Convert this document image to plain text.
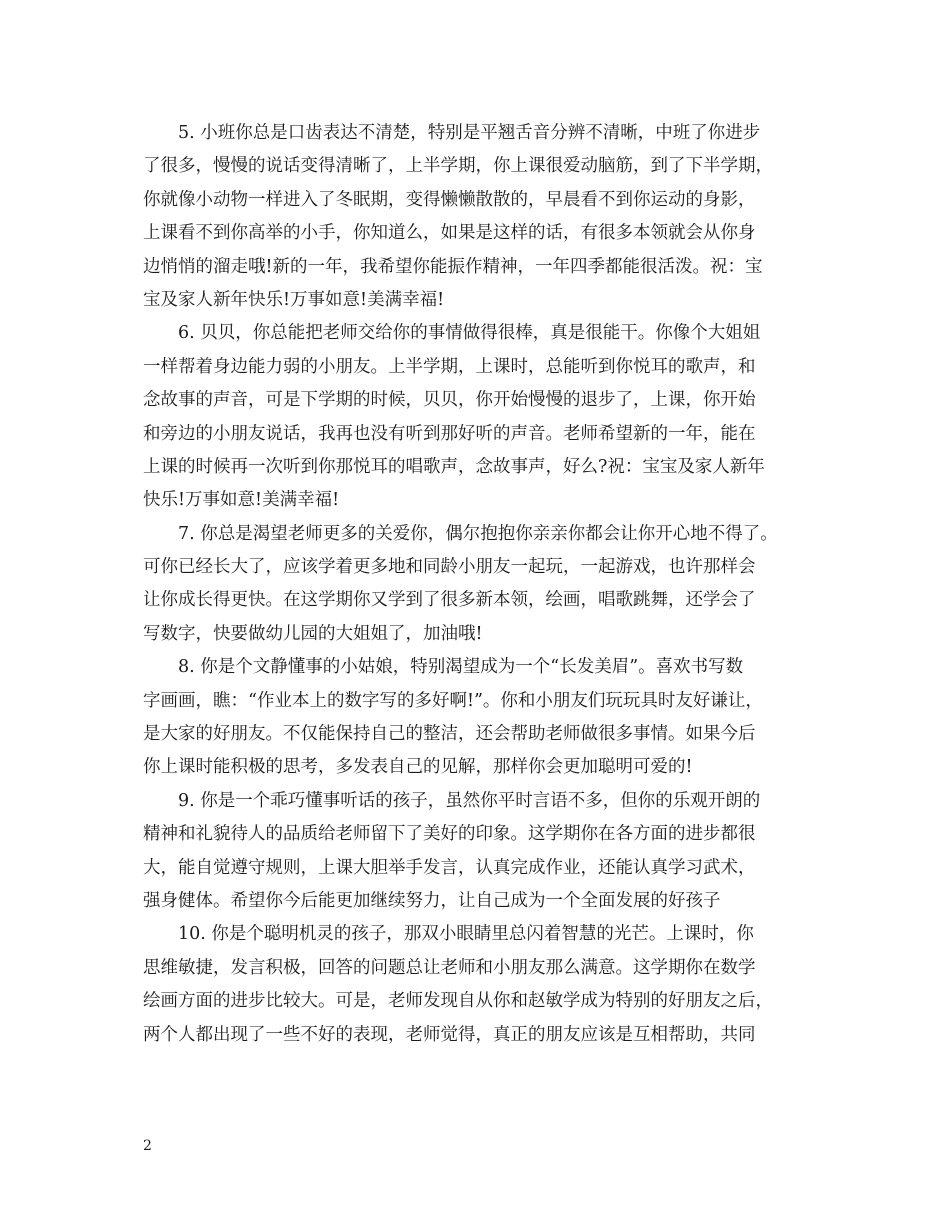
5. 小班你总是口齿表达不清楚，特别是平翘舌音分辨不清晰，中班了你进步
了很多，慢慢的说话变得清晰了，上半学期，你上课很爱动脑筋，到了下半学期，
你就像小动物一样进入了冬眠期，变得懒懒散散的，早晨看不到你运动的身影，
上课看不到你高举的小手，你知道么，如果是这样的话，有很多本领就会从你身
边悄悄的溜走哦!新的一年，我希望你能振作精神，一年四季都能很活泼。祝：宝
宝及家人新年快乐!万事如意!美满幸福!
6. 贝贝，你总能把老师交给你的事情做得很棒，真是很能干。你像个大姐姐
一样帮着身边能力弱的小朋友。上半学期，上课时，总能听到你悦耳的歌声，和
念故事的声音，可是下学期的时候，贝贝，你开始慢慢的退步了，上课，你开始
和旁边的小朋友说话，我再也没有听到那好听的声音。老师希望新的一年，能在
上课的时候再一次听到你那悦耳的唱歌声，念故事声，好么?祝：宝宝及家人新年
快乐!万事如意!美满幸福!
7. 你总是渴望老师更多的关爱你，偶尔抱抱你亲亲你都会让你开心地不得了。
可你已经长大了，应该学着更多地和同龄小朋友一起玩，一起游戏，也许那样会
让你成长得更快。在这学期你又学到了很多新本领，绘画，唱歌跳舞，还学会了
写数字，快要做幼儿园的大姐姐了，加油哦!
8. 你是个文静懂事的小姑娘，特别渴望成为一个“长发美眉”。喜欢书写数
字画画，瞧：“作业本上的数字写的多好啊!”。你和小朋友们玩玩具时友好谦让，
是大家的好朋友。不仅能保持自己的整洁，还会帮助老师做很多事情。如果今后
你上课时能积极的思考，多发表自己的见解，那样你会更加聪明可爱的!
9. 你是一个乖巧懂事听话的孩子，虽然你平时言语不多，但你的乐观开朗的
精神和礼貌待人的品质给老师留下了美好的印象。这学期你在各方面的进步都很
大，能自觉遵守规则，上课大胆举手发言，认真完成作业，还能认真学习武术，
强身健体。希望你今后能更加继续努力，让自己成为一个全面发展的好孩子
10. 你是个聪明机灵的孩子，那双小眼睛里总闪着智慧的光芒。上课时，你
思维敏捷，发言积极，回答的问题总让老师和小朋友那么满意。这学期你在数学
绘画方面的进步比较大。可是，老师发现自从你和赵敏学成为特别的好朋友之后，
两个人都出现了一些不好的表现，老师觉得，真正的朋友应该是互相帮助，共同
2
